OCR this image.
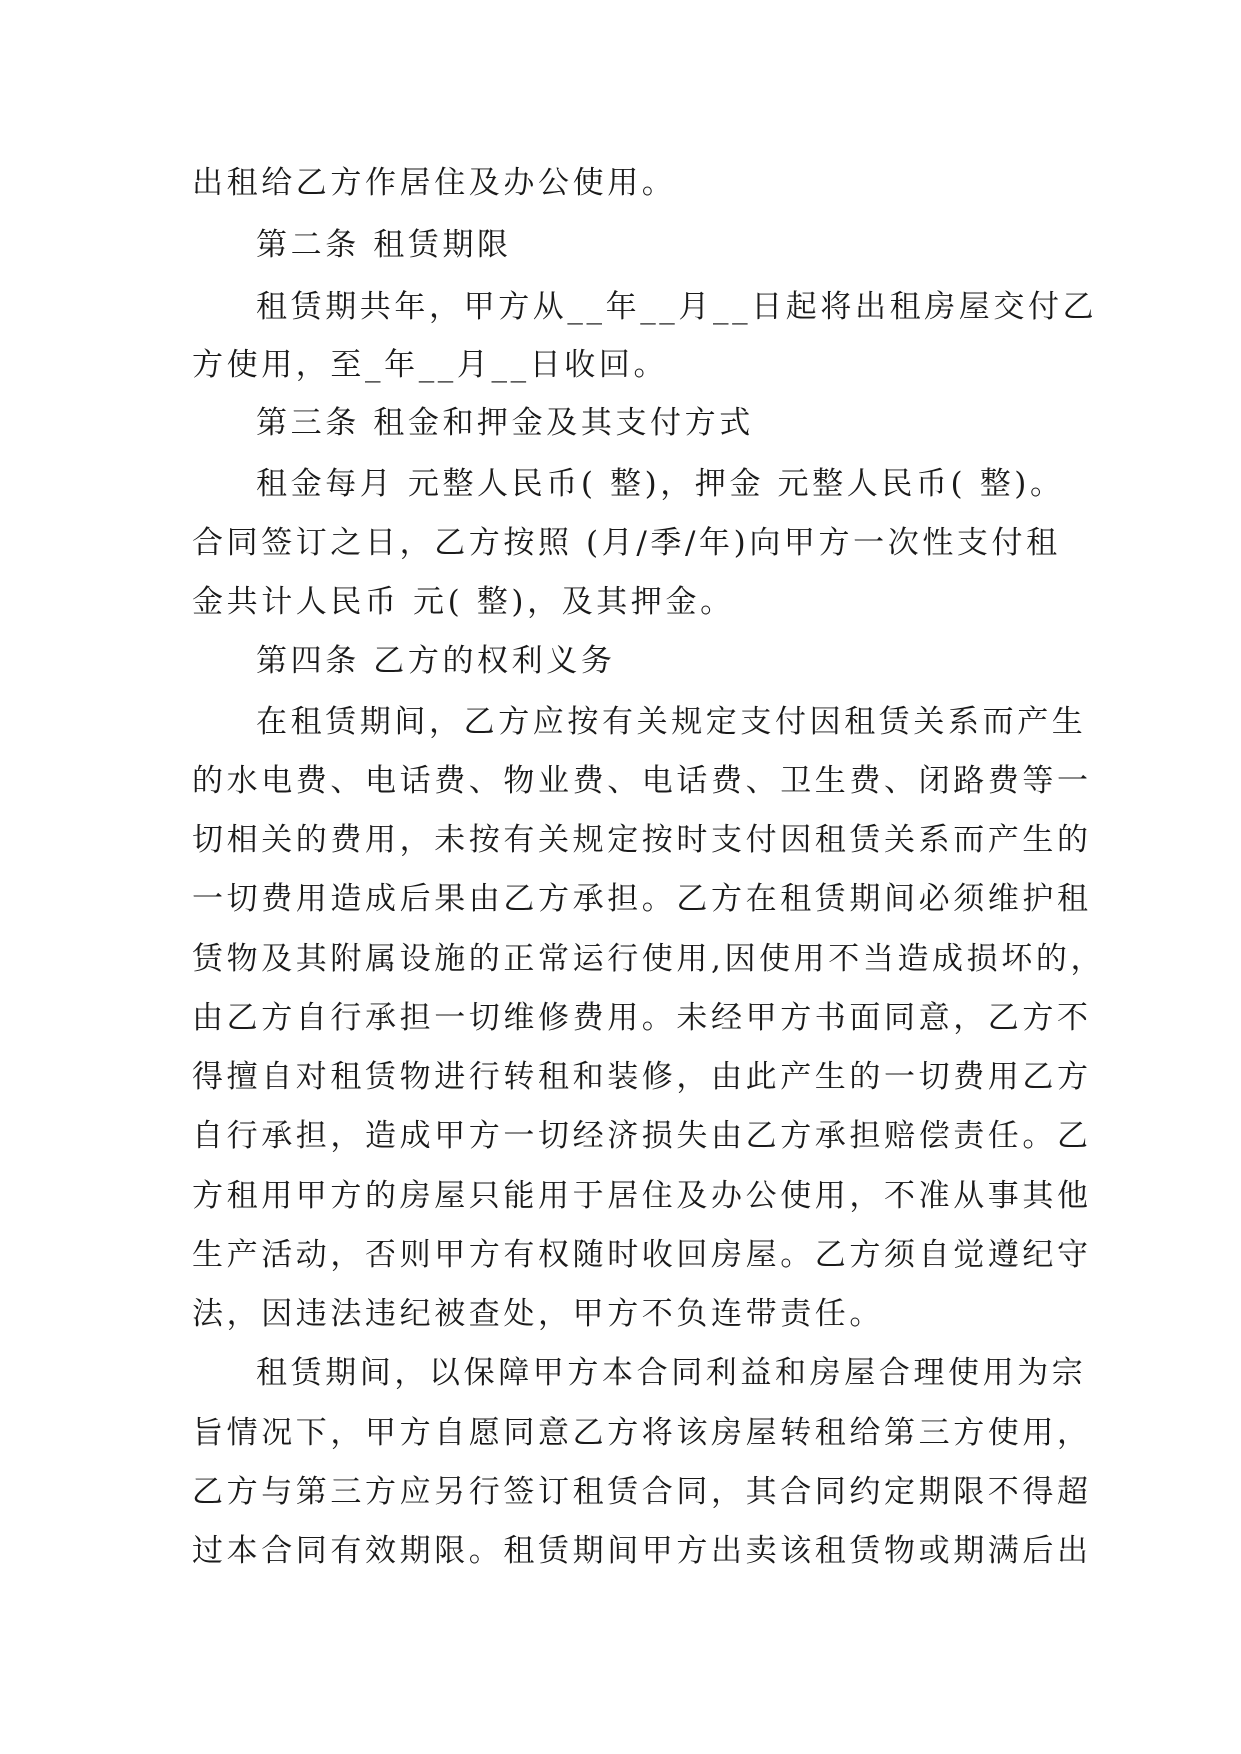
出租给乙方作居住及办公使用。
第二条 租赁期限
租赁期共年，甲方从__年__月__日起将出租房屋交付乙
方使用，至_年__月__日收回。
第三条 租金和押金及其支付方式
租金每月 元整人民币( 整)，押金 元整人民币( 整)。
合同签订之日，乙方按照 (月/季/年)向甲方一次性支付租
金共计人民币 元( 整)，及其押金。
第四条 乙方的权利义务
在租赁期间，乙方应按有关规定支付因租赁关系而产生
的水电费、电话费、物业费、电话费、卫生费、闭路费等一
切相关的费用，未按有关规定按时支付因租赁关系而产生的
一切费用造成后果由乙方承担。乙方在租赁期间必须维护租
赁物及其附属设施的正常运行使用,因使用不当造成损坏的，
由乙方自行承担一切维修费用。未经甲方书面同意，乙方不
得擅自对租赁物进行转租和装修，由此产生的一切费用乙方
自行承担，造成甲方一切经济损失由乙方承担赔偿责任。乙
方租用甲方的房屋只能用于居住及办公使用，不准从事其他
生产活动，否则甲方有权随时收回房屋。乙方须自觉遵纪守
法，因违法违纪被查处，甲方不负连带责任。
租赁期间，以保障甲方本合同利益和房屋合理使用为宗
旨情况下，甲方自愿同意乙方将该房屋转租给第三方使用，
乙方与第三方应另行签订租赁合同，其合同约定期限不得超
过本合同有效期限。租赁期间甲方出卖该租赁物或期满后出
